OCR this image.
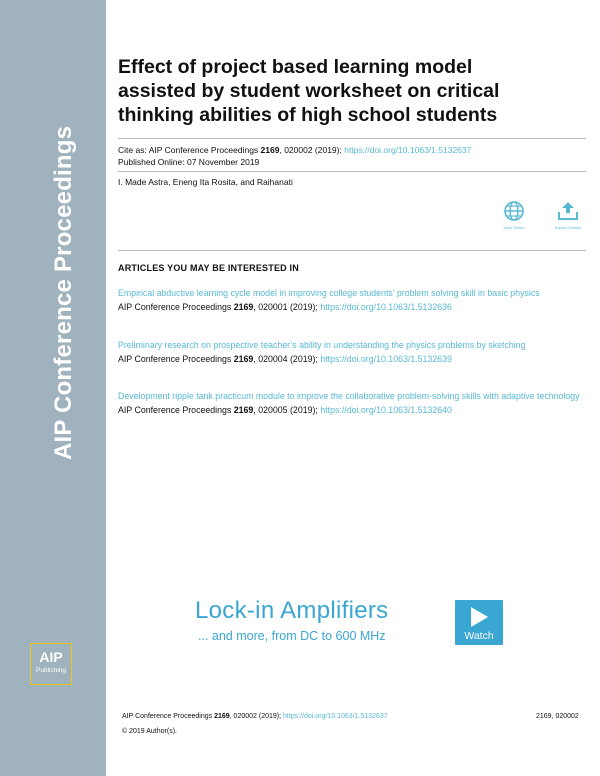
AIP Conference Proceedings
AIP
Publishing
Effect of project based learning model assisted by student worksheet on critical thinking abilities of high school students
Cite as: AIP Conference Proceedings 2169, 020002 (2019); https://doi.org/10.1063/1.5132637
Published Online: 07 November 2019
I. Made Astra, Eneng Ita Rosita, and Raihanati
View Online	Export Citation
ARTICLES YOU MAY BE INTERESTED IN
Empirical abductive learning cycle model in improving college students’ problem solving skill in basic physics
AIP Conference Proceedings 2169, 020001 (2019); https://doi.org/10.1063/1.5132636
Preliminary research on prospective teacher’s ability in understanding the physics problems by sketching
AIP Conference Proceedings 2169, 020004 (2019); https://doi.org/10.1063/1.5132639
Development ripple tank practicum module to improve the collaborative problem-solving skills with adaptive technology
AIP Conference Proceedings 2169, 020005 (2019); https://doi.org/10.1063/1.5132640
Lock-in Amplifiers
... and more, from DC to 600 MHz	Watch
AIP Conference Proceedings 2169, 020002 (2019); https://doi.org/10.1063/1.5132637	2169, 020002
© 2019 Author(s).
